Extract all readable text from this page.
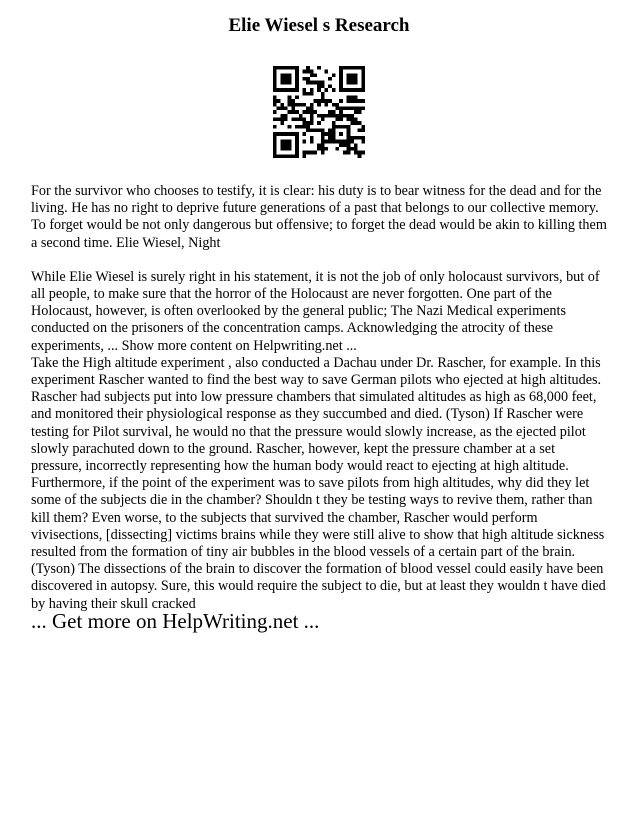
Elie Wiesel s Research

For the survivor who chooses to testify, it is clear: his duty is to bear witness for the dead and for the living. He has no right to deprive future generations of a past that belongs to our collective memory. To forget would be not only dangerous but offensive; to forget the dead would be akin to killing them a second time. Elie Wiesel, Night

While Elie Wiesel is surely right in his statement, it is not the job of only holocaust survivors, but of all people, to make sure that the horror of the Holocaust are never forgotten. One part of the Holocaust, however, is often overlooked by the general public; The Nazi Medical experiments conducted on the prisoners of the concentration camps. Acknowledging the atrocity of these experiments, ... Show more content on Helpwriting.net ...

Take the High altitude experiment , also conducted a Dachau under Dr. Rascher, for example. In this experiment Rascher wanted to find the best way to save German pilots who ejected at high altitudes. Rascher had subjects put into low pressure chambers that simulated altitudes as high as 68,000 feet, and monitored their physiological response as they succumbed and died. (Tyson) If Rascher were testing for Pilot survival, he would no that the pressure would slowly increase, as the ejected pilot slowly parachuted down to the ground. Rascher, however, kept the pressure chamber at a set pressure, incorrectly representing how the human body would react to ejecting at high altitude. Furthermore, if the point of the experiment was to save pilots from high altitudes, why did they let some of the subjects die in the chamber? Shouldn t they be testing ways to revive them, rather than kill them? Even worse, to the subjects that survived the chamber, Rascher would perform vivisections, [dissecting] victims brains while they were still alive to show that high altitude sickness resulted from the formation of tiny air bubbles in the blood vessels of a certain part of the brain. (Tyson) The dissections of the brain to discover the formation of blood vessel could easily have been discovered in autopsy. Sure, this would require the subject to die, but at least they wouldn t have died by having their skull cracked

... Get more on HelpWriting.net ...
